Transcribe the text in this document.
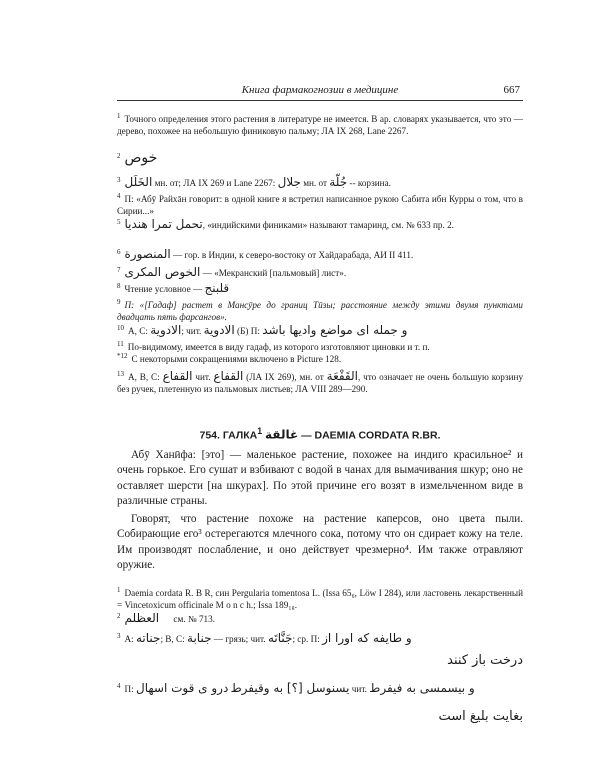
Книга фармакогнозии в медицине	667
$^1$ Точного определения этого растения в литературе не имеется. В ар. словарях указывается, что это — дерево, похожее на небольшую финиковую пальму; ЛА IX 268, Lane 2267.
$^2$ خوص
$^3$ الخَلَل мн. от; ЛА IX 269 и Lane 2267: جلال мн. от جُلّة -- корзина.
$^4$ П: «Абӯ Райхāн говорит: в одной книге я встретил написанное рукою Сабита ибн Курры о том, что в Сирии...»
$^5$ تحمل تمرا هنديا, «индийскими финиками» называют тамаринд, см. № 633 пр. 2.
$^6$ المنصورة — гор. в Индии, к северо-востоку от Хайдарабада, АИ II 411.
$^7$ الخوص المكرى — «Мекранский [пальмовый] лист».
$^8$ Чтение условное — قلبنج
$^9$ П: «[Гадаф] растет в Манс̣ӯре до границ Тӣзы; расстояние между этими двумя пунктами двадцать пять фарсангов».
$^{10}$ A, C: الادوية; чит. الادوية (Б) П: و جمله ای مواضع واديها باشد
$^{11}$ По-видимому, имеется в виду гадаф, из которого изготовляют циновки и т. п.
$^{*12}$ С некоторыми сокращениями включено в Picture 128.
$^{13}$ A, B, C: القفاع чит. القفاع (ЛА IX 269), мн. от القَفْعَة, что означает не очень большую корзину без ручек, плетенную из пальмовых листьев; ЛА VIII 289—290.
754. ГАЛКА$^1$ غالقة — DAEMIA CORDATA R.BR.
Абӯ Ханӣфа: [это] — маленькое растение, похожее на индиго красильное² и очень горькое. Его сушат и взбивают с водой в чанах для вымачивания шкур; оно не оставляет шерсти [на шкурах]. По этой причине его возят в измельченном виде в различные страны.
Говорят, что растение похоже на растение каперсов, оно цвета пыли. Собирающие его³ остерегаются млечного сока, потому что он сдирает кожу на теле. Им производят послабление, и оно действует чрезмерно⁴. Им также отравляют оружие.
$^1$ Daemia cordata R. B R, син Pergularia tomentosa L. (Issa 65₆, Löw I 284), или ластовень лекарственный = Vincetoxicum officinale M o n c h.; Issa 189₁₈.
$^2$ العظلم см. № 713.
$^3$ A: جناته; B, C: جنابة — грязь; чит. جَنَّاتَه; ср. П: و طایفه که اورا از
درخت باز کنند
$^4$ П: درو ی قوت اسهال یسنوسل [؟] به وقیفرط чит. و بیسمسی به فیفرط
بغایت بلیغ است
